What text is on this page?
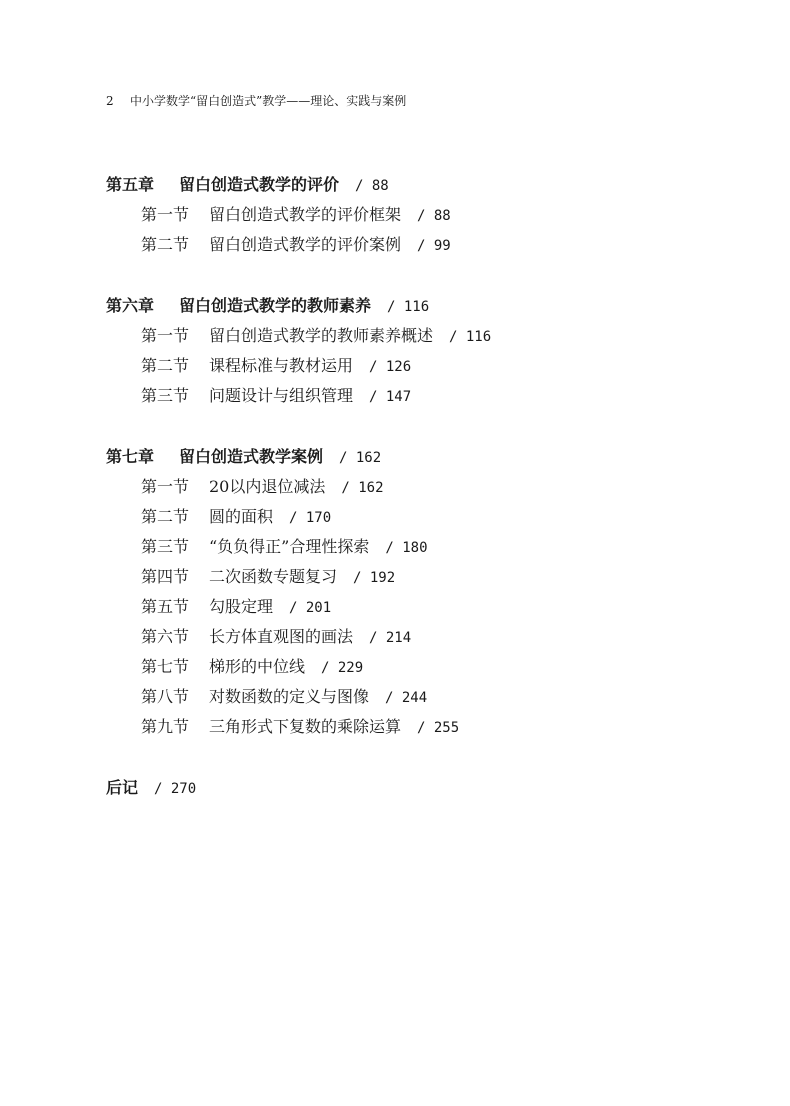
2 中小学数学“留白创造式”教学——理论、实践与案例
第五章 留白创造式教学的评价 / 88
第一节 留白创造式教学的评价框架 / 88
第二节 留白创造式教学的评价案例 / 99
第六章 留白创造式教学的教师素养 / 116
第一节 留白创造式教学的教师素养概述 / 116
第二节 课程标准与教材运用 / 126
第三节 问题设计与组织管理 / 147
第七章 留白创造式教学案例 / 162
第一节 20以内退位减法 / 162
第二节 圆的面积 / 170
第三节 “负负得正”合理性探索 / 180
第四节 二次函数专题复习 / 192
第五节 勾股定理 / 201
第六节 长方体直观图的画法 / 214
第七节 梯形的中位线 / 229
第八节 对数函数的定义与图像 / 244
第九节 三角形式下复数的乘除运算 / 255
后记 / 270
